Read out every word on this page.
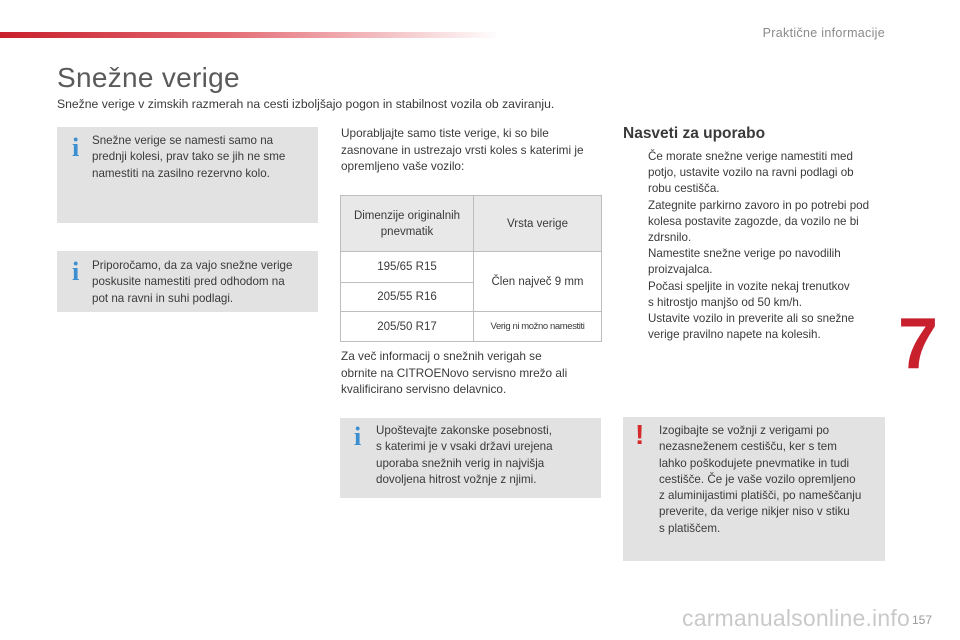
Praktične informacije
Snežne verige

Snežne verige v zimskih razmerah na cesti izboljšajo pogon in stabilnost vozila ob zaviranju.

i Snežne verige se namesti samo na
prednji kolesi, prav tako se jih ne sme
namestiti na zasilno rezervno kolo.
i Priporočamo, da za vajo snežne verige
poskusite namestiti pred odhodom na
pot na ravni in suhi podlagi.
Uporabljajte samo tiste verige, ki so bile
zasnovane in ustrezajo vrsti koles s katerimi je
opremljeno vaše vozilo:
Dimenzije originalnih
pnevmatik	Vrsta verige
195/65 R15	Člen največ 9 mm
205/55 R16	
205/50 R17	Verig ni možno namestiti
Za več informacij o snežnih verigah se
obrnite na CITROENovo servisno mrežo ali
kvalificirano servisno delavnico.
i Upoštevajte zakonske posebnosti,
s katerimi je v vsaki državi urejena
uporaba snežnih verig in najvišja
dovoljena hitrost vožnje z njimi.
Nasveti za uporabo
Če morate snežne verige namestiti med
potjo, ustavite vozilo na ravni podlagi ob
robu cestišča.
Zategnite parkirno zavoro in po potrebi pod
kolesa postavite zagozde, da vozilo ne bi
zdrsnilo.
Namestite snežne verige po navodilih
proizvajalca.
Počasi speljite in vozite nekaj trenutkov
s hitrostjo manjšo od 50 km/h.
Ustavite vozilo in preverite ali so snežne
verige pravilno napete na kolesih.
! Izogibajte se vožnji z verigami po
nezasneženem cestišču, ker s tem
lahko poškodujete pnevmatike in tudi
cestišče. Če je vaše vozilo opremljeno
z aluminijastimi platišči, po nameščanju
preverite, da verige nikjer niso v stiku
s platiščem.
7
carmanualsonline.info 157
